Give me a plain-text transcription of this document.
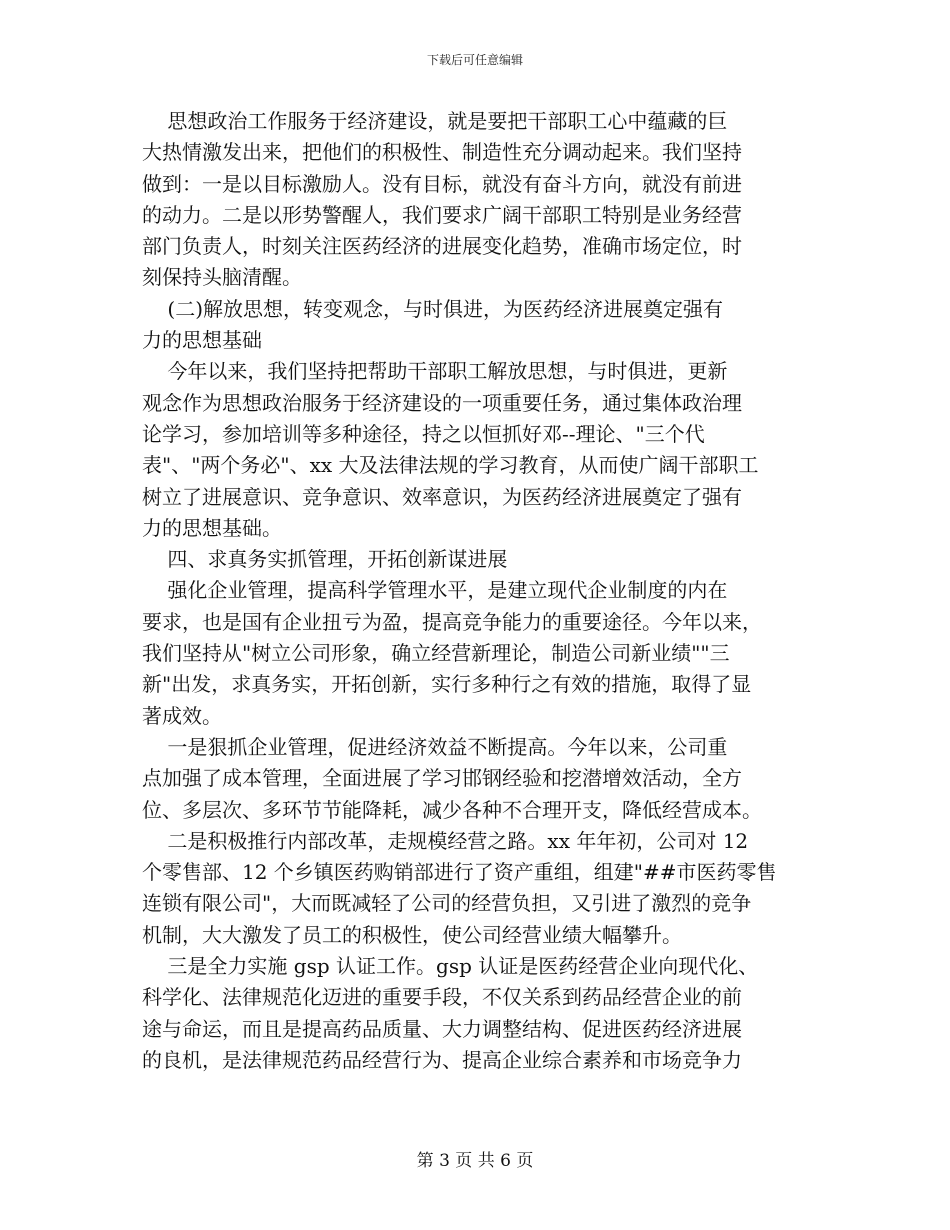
下载后可任意编辑
思想政治工作服务于经济建设，就是要把干部职工心中蕴藏的巨
大热情激发出来，把他们的积极性、制造性充分调动起来。我们坚持
做到：一是以目标激励人。没有目标，就没有奋斗方向，就没有前进
的动力。二是以形势警醒人，我们要求广阔干部职工特别是业务经营
部门负责人，时刻关注医药经济的进展变化趋势，准确市场定位，时
刻保持头脑清醒。
(二)解放思想，转变观念，与时俱进，为医药经济进展奠定强有
力的思想基础
今年以来，我们坚持把帮助干部职工解放思想，与时俱进，更新
观念作为思想政治服务于经济建设的一项重要任务，通过集体政治理
论学习，参加培训等多种途径，持之以恒抓好邓--理论、"三个代
表"、"两个务必"、xx 大及法律法规的学习教育，从而使广阔干部职工
树立了进展意识、竞争意识、效率意识，为医药经济进展奠定了强有
力的思想基础。
四、求真务实抓管理，开拓创新谋进展
强化企业管理，提高科学管理水平，是建立现代企业制度的内在
要求，也是国有企业扭亏为盈，提高竞争能力的重要途径。今年以来，
我们坚持从"树立公司形象，确立经营新理论，制造公司新业绩""三
新"出发，求真务实，开拓创新，实行多种行之有效的措施，取得了显
著成效。
一是狠抓企业管理，促进经济效益不断提高。今年以来，公司重
点加强了成本管理，全面进展了学习邯钢经验和挖潜增效活动，全方
位、多层次、多环节节能降耗，减少各种不合理开支，降低经营成本。
二是积极推行内部改革，走规模经营之路。xx 年年初，公司对 12
个零售部、12 个乡镇医药购销部进行了资产重组，组建"##市医药零售
连锁有限公司"，大而既减轻了公司的经营负担，又引进了激烈的竞争
机制，大大激发了员工的积极性，使公司经营业绩大幅攀升。
三是全力实施 gsp 认证工作。gsp 认证是医药经营企业向现代化、
科学化、法律规范化迈进的重要手段，不仅关系到药品经营企业的前
途与命运，而且是提高药品质量、大力调整结构、促进医药经济进展
的良机，是法律规范药品经营行为、提高企业综合素养和市场竞争力
第 3 页 共 6 页
